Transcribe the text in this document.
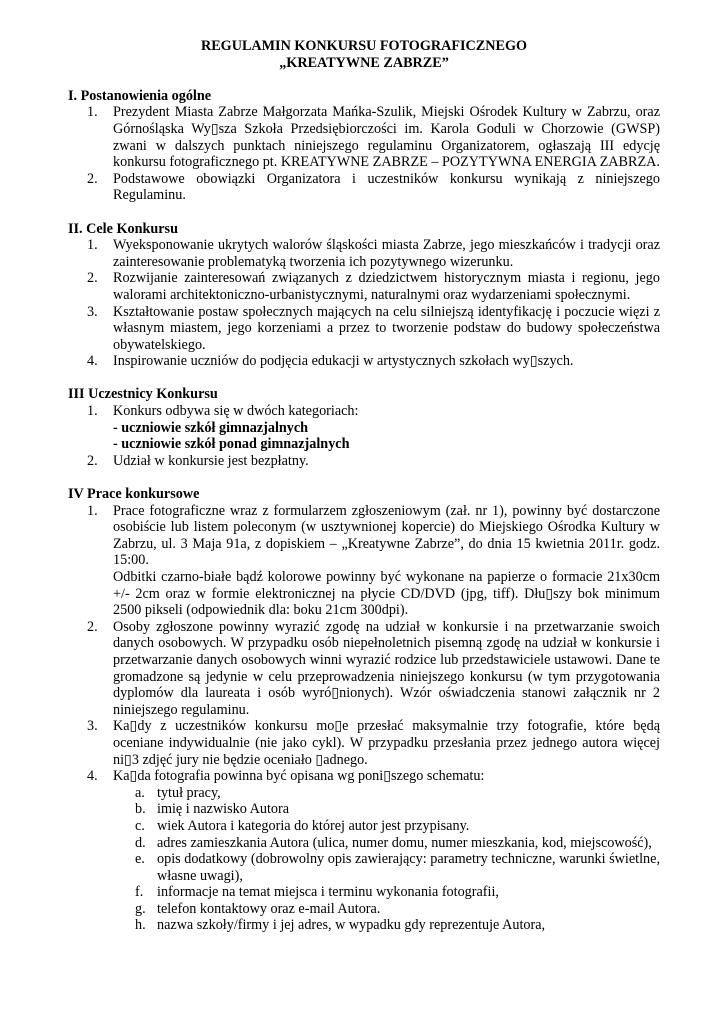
REGULAMIN KONKURSU FOTOGRAFICZNEGO
„KREATYWNE ZABRZE”
I. Postanowienia ogólne
1. Prezydent Miasta Zabrze Małgorzata Mańka-Szulik, Miejski Ośrodek Kultury w Zabrzu, oraz Górnośląska Wy▯sza Szkoła Przedsiębiorczości im. Karola Goduli w Chorzowie (GWSP) zwani w dalszych punktach niniejszego regulaminu Organizatorem, ogłaszają III edycję konkursu fotograficznego pt. KREATYWNE ZABRZE – POZYTYWNA ENERGIA ZABRZA.
2. Podstawowe obowiązki Organizatora i uczestników konkursu wynikają z niniejszego Regulaminu.
II. Cele Konkursu
1. Wyeksponowanie ukrytych walorów śląskości miasta Zabrze, jego mieszkańców i tradycji oraz zainteresowanie problematyką tworzenia ich pozytywnego wizerunku.
2. Rozwijanie zainteresowań związanych z dziedzictwem historycznym miasta i regionu, jego walorami architektoniczno-urbanistycznymi, naturalnymi oraz wydarzeniami społecznymi.
3. Kształtowanie postaw społecznych mających na celu silniejszą identyfikację i poczucie więzi z własnym miastem, jego korzeniami a przez to tworzenie podstaw do budowy społeczeństwa obywatelskiego.
4. Inspirowanie uczniów do podjęcia edukacji w artystycznych szkołach wy▯szych.
III Uczestnicy Konkursu
1. Konkurs odbywa się w dwóch kategoriach:
- uczniowie szkół gimnazjalnych
- uczniowie szkół ponad gimnazjalnych
2. Udział w konkursie jest bezpłatny.
IV Prace konkursowe
1. Prace fotograficzne wraz z formularzem zgłoszeniowym (zał. nr 1), powinny być dostarczone osobiście lub listem poleconym (w usztywnionej kopercie) do Miejskiego Ośrodka Kultury w Zabrzu, ul. 3 Maja 91a, z dopiskiem – „Kreatywne Zabrze”, do dnia 15 kwietnia 2011r. godz. 15:00.

Odbitki czarno-białe bądź kolorowe powinny być wykonane na papierze o formacie 21x30cm +/- 2cm oraz w formie elektronicznej na płycie CD/DVD (jpg, tiff). Dłu▯szy bok minimum 2500 pikseli (odpowiednik dla: boku 21cm 300dpi).

2. Osoby zgłoszone powinny wyrazić zgodę na udział w konkursie i na przetwarzanie swoich danych osobowych. W przypadku osób niepełnoletnich pisemną zgodę na udział w konkursie i przetwarzanie danych osobowych winni wyrazić rodzice lub przedstawiciele ustawowi. Dane te gromadzone są jedynie w celu przeprowadzenia niniejszego konkursu (w tym przygotowania dyplomów dla laureata i osób wyró▯nionych). Wzór oświadczenia stanowi załącznik nr 2 niniejszego regulaminu.
3. Ka▯dy z uczestników konkursu mo▯e przesłać maksymalnie trzy fotografie, które będą oceniane indywidualnie (nie jako cykl). W przypadku przesłania przez jednego autora więcej ni▯3 zdjęć jury nie będzie oceniało ▯adnego.
4. Ka▯da fotografia powinna być opisana wg poni▯szego schematu:
a. tytuł pracy,
b. imię i nazwisko Autora
c. wiek Autora i kategoria do której autor jest przypisany.
d. adres zamieszkania Autora (ulica, numer domu, numer mieszkania, kod, miejscowość),
e. opis dodatkowy (dobrowolny opis zawierający: parametry techniczne, warunki świetlne, własne uwagi),
f. informacje na temat miejsca i terminu wykonania fotografii,
g. telefon kontaktowy oraz e-mail Autora.
h. nazwa szkoły/firmy i jej adres, w wypadku gdy reprezentuje Autora,
